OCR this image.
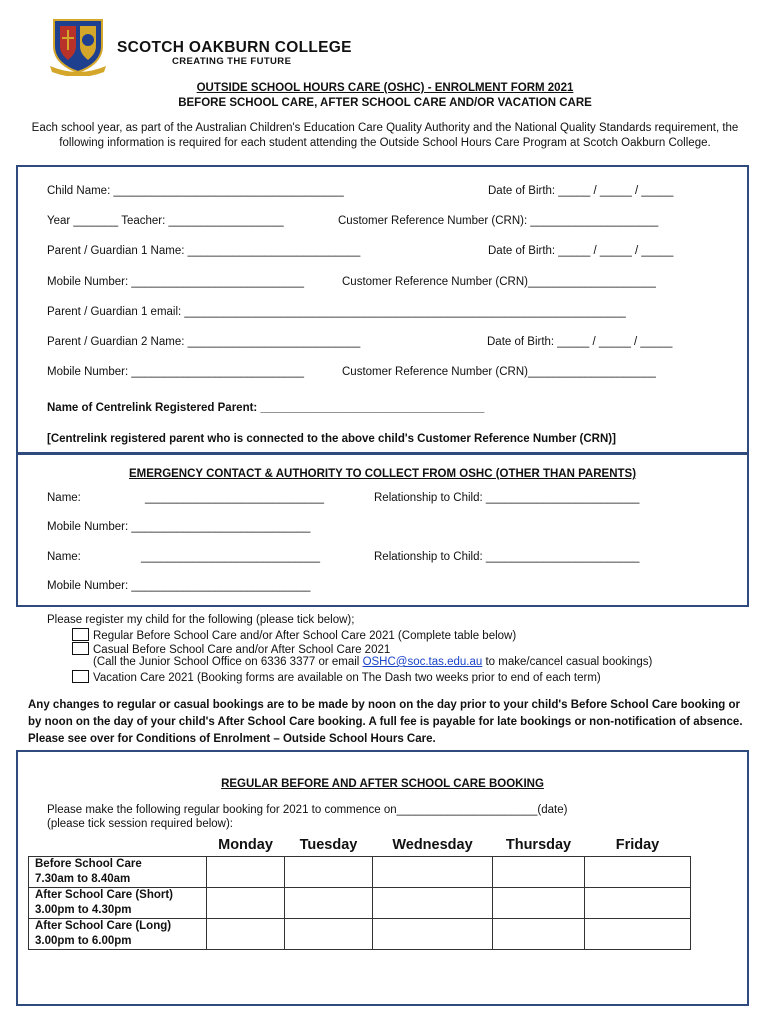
SCOTCH OAKBURN COLLEGE
CREATING THE FUTURE
OUTSIDE SCHOOL HOURS CARE (OSHC) - ENROLMENT FORM 2021
BEFORE SCHOOL CARE, AFTER SCHOOL CARE AND/OR VACATION CARE
Each school year, as part of the Australian Children's Education Care Quality Authority and the National Quality Standards requirement, the following information is required for each student attending the Outside School Hours Care Program at Scotch Oakburn College.
Child Name: ____________________________________	Date of Birth: _____ / _____ / _____
Year _______ Teacher: __________________	Customer Reference Number (CRN): ____________________
Parent / Guardian 1 Name: ___________________________	Date of Birth: _____ / _____ / _____
Mobile Number: ___________________________	Customer Reference Number (CRN)____________________
Parent / Guardian 1 email: _____________________________________________________________________
Parent / Guardian 2 Name: ___________________________	Date of Birth: _____ / _____ / _____
Mobile Number: ___________________________	Customer Reference Number (CRN)____________________
Name of Centrelink Registered Parent: ___________________________________
[Centrelink registered parent who is connected to the above child's Customer Reference Number (CRN)]
EMERGENCY CONTACT & AUTHORITY TO COLLECT FROM OSHC (OTHER THAN PARENTS)
Name:	____________________________	Relationship to Child: ________________________
Mobile Number: ____________________________
Name:	____________________________	Relationship to Child: ________________________
Mobile Number: ____________________________
Please register my child for the following (please tick below);
Regular Before School Care and/or After School Care 2021 (Complete table below)
Casual Before School Care and/or After School Care 2021
(Call the Junior School Office on 6336 3377 or email OSHC@soc.tas.edu.au to make/cancel casual bookings)
Vacation Care 2021 (Booking forms are available on The Dash two weeks prior to end of each term)
Any changes to regular or casual bookings are to be made by noon on the day prior to your child's Before School Care booking or by noon on the day of your child's After School Care booking. A full fee is payable for late bookings or non-notification of absence. Please see over for Conditions of Enrolment – Outside School Hours Care.
REGULAR BEFORE AND AFTER SCHOOL CARE BOOKING
Please make the following regular booking for 2021 to commence on______________________(date)
(please tick session required below):
	Monday	Tuesday	Wednesday	Thursday	Friday
Before School Care
7.30am to 8.40am					
After School Care (Short)
3.00pm to 4.30pm					
After School Care (Long)
3.00pm to 6.00pm					
